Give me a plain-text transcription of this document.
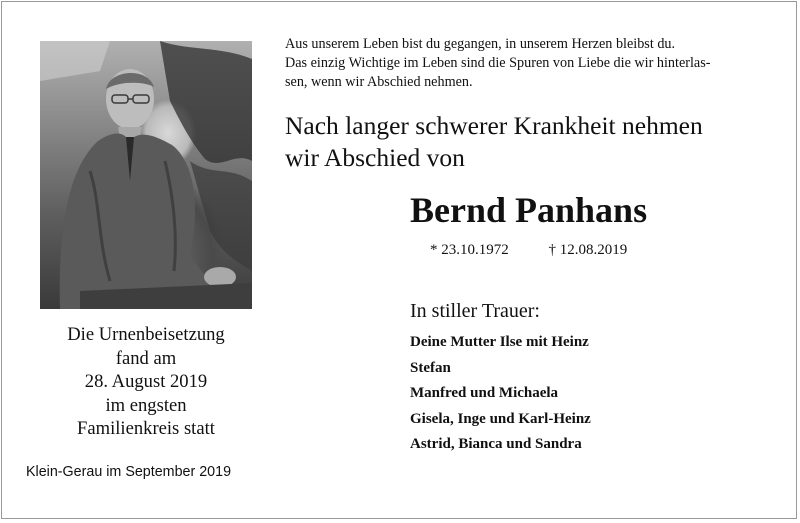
Aus unserem Leben bist du gegangen, in unserem Herzen bleibst du.

Das einzig Wichtige im Leben sind die Spuren von Liebe die wir hinterlas-

sen, wenn wir Abschied nehmen.

Nach langer schwerer Krankheit nehmen

wir Abschied von

Bernd Panhans
* 23.10.1972	† 12.08.2019
In stiller Trauer:
Deine Mutter Ilse mit Heinz
Stefan
Manfred und Michaela
Gisela, Inge und Karl-Heinz
Astrid, Bianca und Sandra

Die Urnenbeisetzung

fand am

28. August 2019

im engsten

Familienkreis statt

Klein-Gerau im September 2019
